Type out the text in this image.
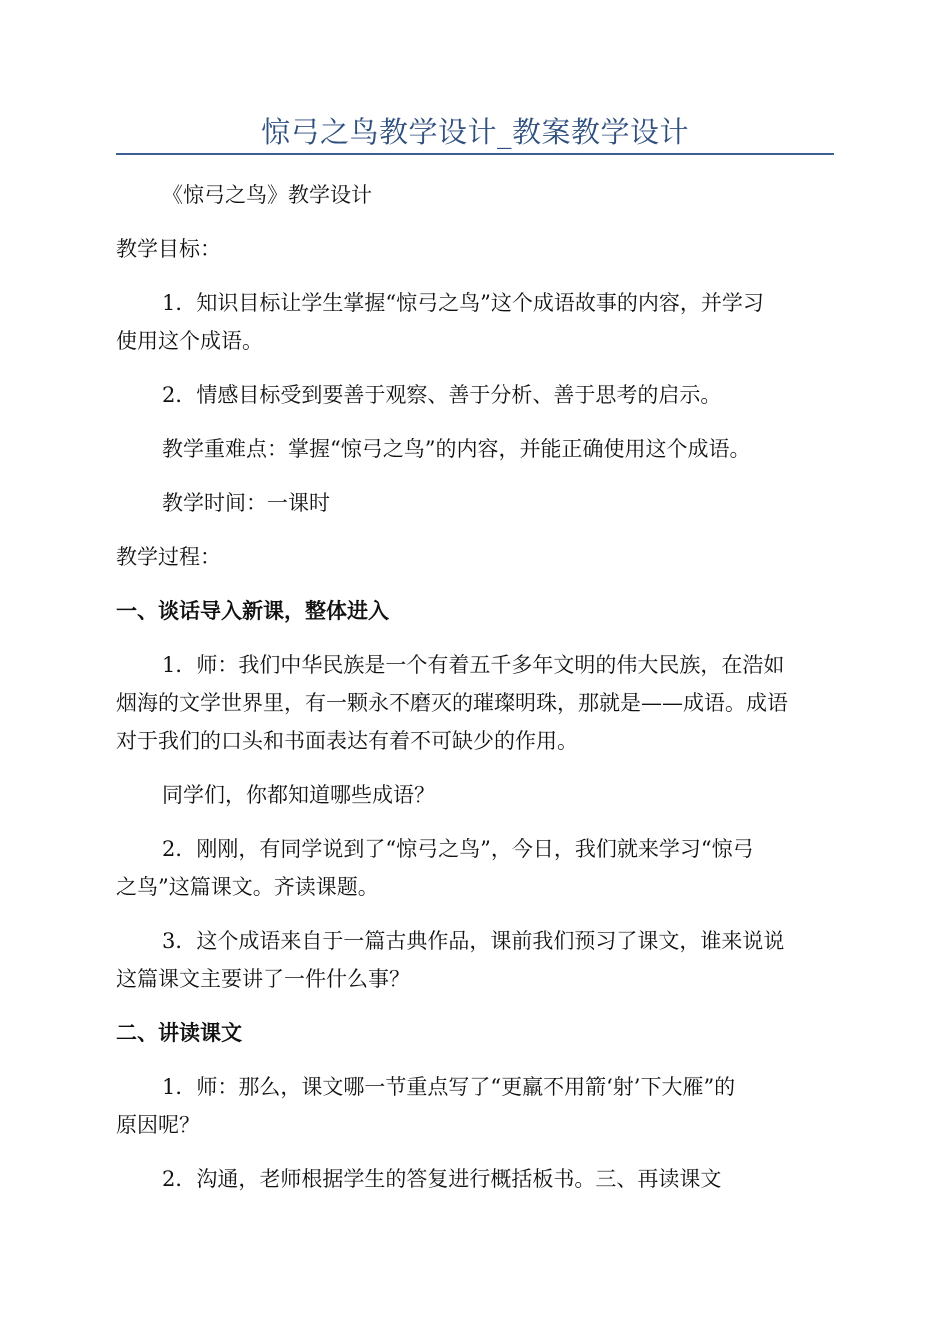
惊弓之鸟教学设计_教案教学设计
《惊弓之鸟》教学设计
教学目标：
1．知识目标让学生掌握“惊弓之鸟”这个成语故事的内容，并学习
使用这个成语。
2．情感目标受到要善于观察、善于分析、善于思考的启示。
教学重难点：掌握“惊弓之鸟”的内容，并能正确使用这个成语。
教学时间：一课时
教学过程：
一、谈话导入新课，整体进入
1．师：我们中华民族是一个有着五千多年文明的伟大民族，在浩如
烟海的文学世界里，有一颗永不磨灭的璀璨明珠，那就是——成语。成语
对于我们的口头和书面表达有着不可缺少的作用。
同学们，你都知道哪些成语？
2．刚刚，有同学说到了“惊弓之鸟”，今日，我们就来学习“惊弓
之鸟”这篇课文。齐读课题。
3．这个成语来自于一篇古典作品，课前我们预习了课文，谁来说说
这篇课文主要讲了一件什么事？
二、讲读课文
1．师：那么，课文哪一节重点写了“更羸不用箭‘射’下大雁”的
原因呢？
2．沟通，老师根据学生的答复进行概括板书。三、再读课文
